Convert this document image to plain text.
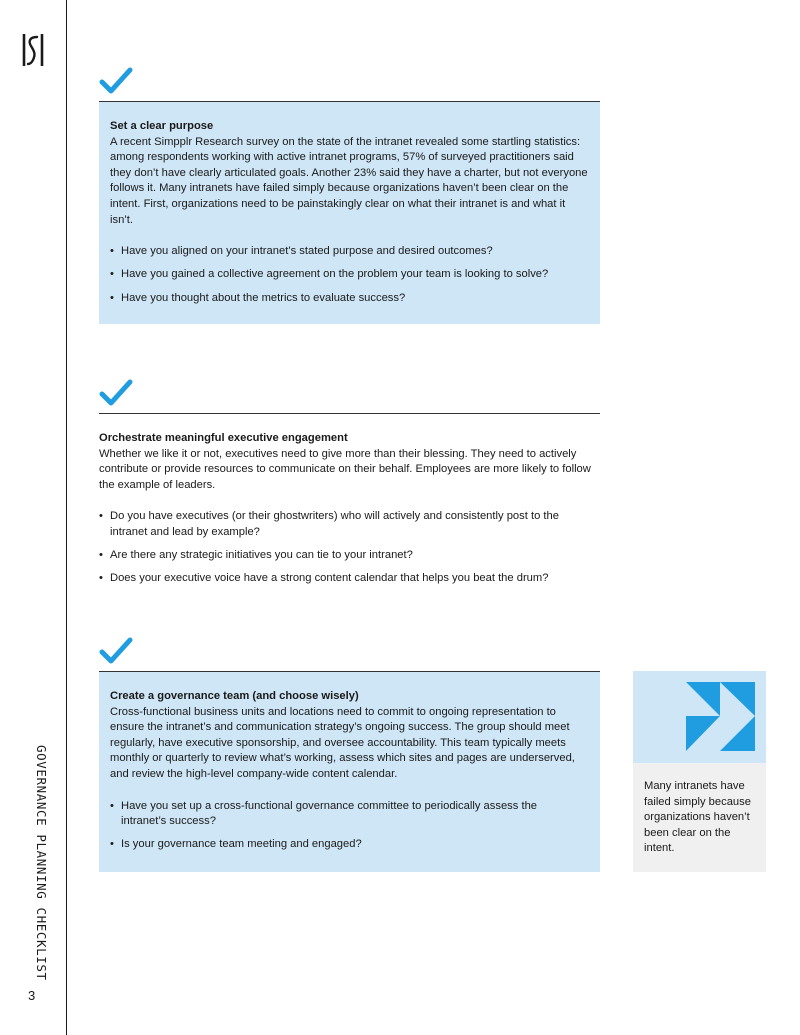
GOVERNANCE PLANNING CHECKLIST
3
Set a clear purpose
A recent Simpplr Research survey on the state of the intranet revealed some startling statistics: among respondents working with active intranet programs, 57% of surveyed practitioners said they don’t have clearly articulated goals. Another 23% said they have a charter, but not everyone follows it. Many intranets have failed simply because organizations haven’t been clear on the intent. First, organizations need to be painstakingly clear on what their intranet is and what it isn’t.
• Have you aligned on your intranet’s stated purpose and desired outcomes?
• Have you gained a collective agreement on the problem your team is looking to solve?
• Have you thought about the metrics to evaluate success?
Orchestrate meaningful executive engagement
Whether we like it or not, executives need to give more than their blessing. They need to actively contribute or provide resources to communicate on their behalf. Employees are more likely to follow the example of leaders.
• Do you have executives (or their ghostwriters) who will actively and consistently post to the intranet and lead by example?
• Are there any strategic initiatives you can tie to your intranet?
• Does your executive voice have a strong content calendar that helps you beat the drum?
Create a governance team (and choose wisely)
Cross-functional business units and locations need to commit to ongoing representation to ensure the intranet’s and communication strategy’s ongoing success. The group should meet regularly, have executive sponsorship, and oversee accountability. This team typically meets monthly or quarterly to review what’s working, assess which sites and pages are underserved, and review the high-level company-wide content calendar.
• Have you set up a cross-functional governance committee to periodically assess the intranet’s success?
• Is your governance team meeting and engaged?
Many intranets have failed simply because organizations haven’t been clear on the intent.
